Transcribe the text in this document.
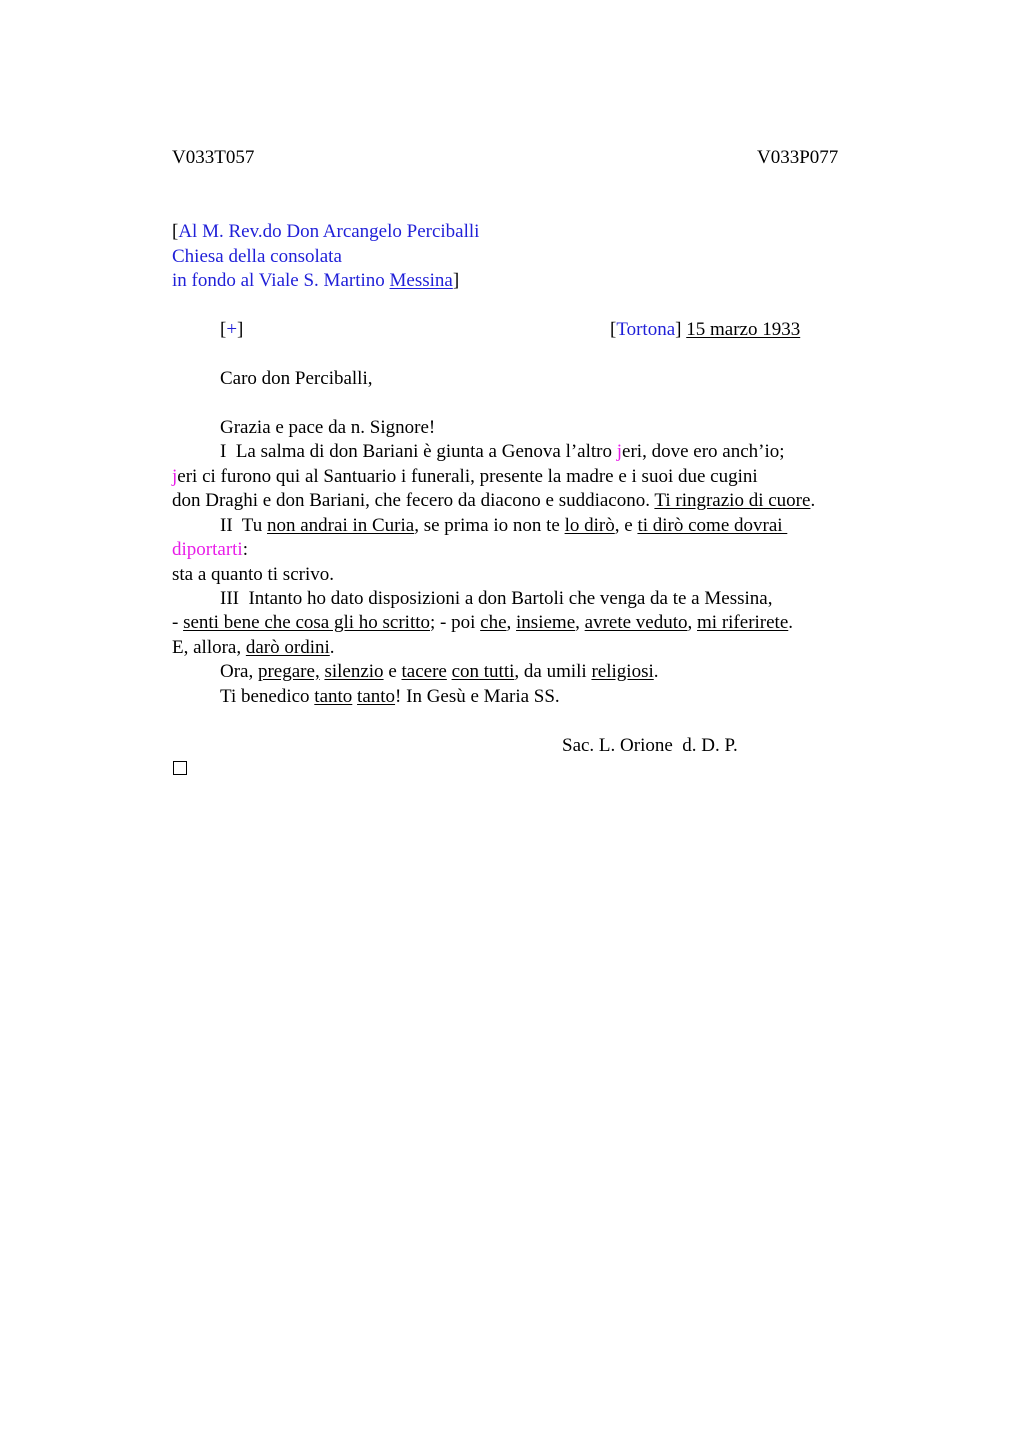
V033T057	V033P077
[Al M. Rev.do Don Arcangelo Perciballi
Chiesa della consolata
in fondo al Viale S. Martino Messina]
[+]	[Tortona] 15 marzo 1933
Caro don Perciballi,
Grazia e pace da n. Signore!
I  La salma di don Bariani è giunta a Genova l’altro jeri, dove ero anch’io;
jeri ci furono qui al Santuario i funerali, presente la madre e i suoi due cugini
don Draghi e don Bariani, che fecero da diacono e suddiacono. Ti ringrazio di cuore.
II  Tu non andrai in Curia, se prima io non te lo dirò, e ti dirò come dovrai
diportarti:
sta a quanto ti scrivo.
III  Intanto ho dato disposizioni a don Bartoli che venga da te a Messina,
- senti bene che cosa gli ho scritto; - poi che, insieme, avrete veduto, mi riferirete.
E, allora, darò ordini.
Ora, pregare, silenzio e tacere con tutti, da umili religiosi.
Ti benedico tanto tanto! In Gesù e Maria SS.
Sac. L. Orione  d. D. P.
